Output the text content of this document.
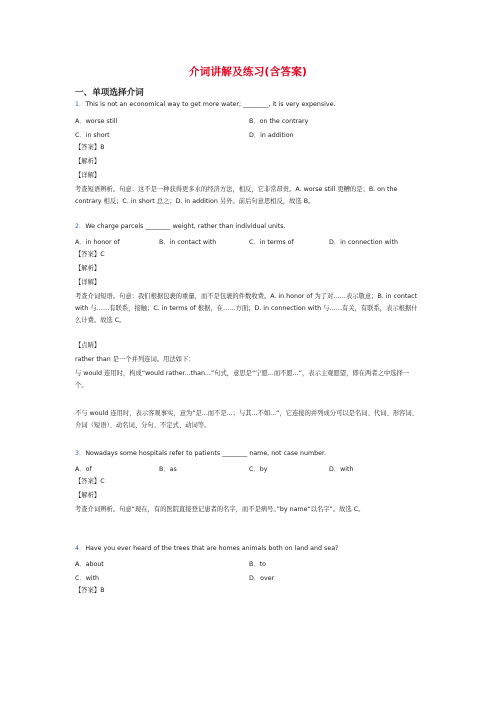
介词讲解及练习(含答案)
一、单项选择介词
1．This is not an economical way to get more water; ________, it is very expensive.
A．worse still	B．on the contrary
C．in short	D．in addition
【答案】B
【解析】
【详解】
考查短语辨析。句意：这不是一种获得更多水的经济方法，相反，它非常昂贵。A. worse still 更糟的是；B. on the contrary 相反；C. in short 总之；D. in addition 另外。前后句意思相反，故选 B。
2．We charge parcels ________ weight, rather than individual units.
A．in honor of	B．in contact with	C．in terms of	D．in connection with
【答案】C
【解析】
【详解】
考查介词短语。句意：我们根据包裹的重量，而不是包裹的件数收费。A. in honor of 为了对……表示敬意；B. in contact with 与……有联系，接触；C. in terms of 根据，在……方面；D. in connection with 与……有关，有联系，表示根据什么计费。故选 C。
【点睛】
rather than 是一个并列连词。用法如下：
与 would 连用时，构成“would rather...than...”句式，意思是“宁愿...而不愿...”，表示主观愿望，即在两者之中选择一个。
不与 would 连用时，表示客观事实，意为“是...而不是...；与其...不如...”，它连接的并列成分可以是名词、代词、形容词、介词（短语）、动名词、分句、不定式、动词等。
3．Nowadays some hospitals refer to patients ________ name, not case number.
A．of	B．as	C．by	D．with
【答案】C
【解析】
考查介词辨析。句意“现在，有的医院直接登记患者的名字，而不是病号。”by name“以名字”。故选 C。
4．Have you ever heard of the trees that are homes animals both on land and sea?
A．about	B．to
C．with	D．over
【答案】B
